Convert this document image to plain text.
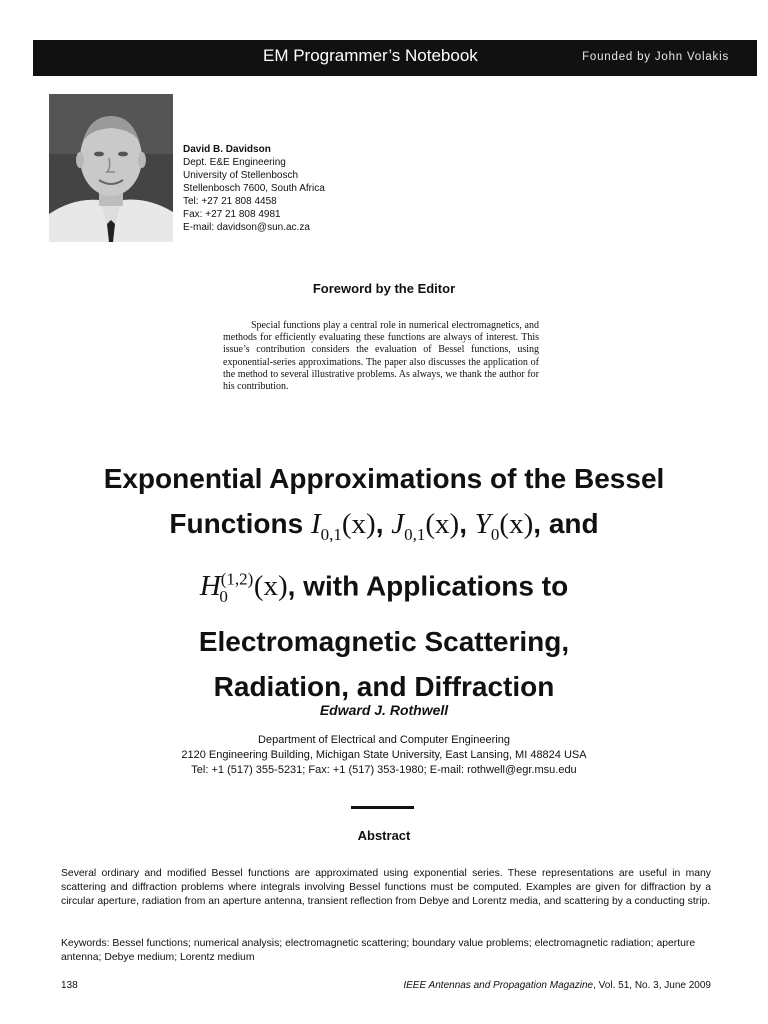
EM Programmer’s Notebook	Founded by John Volakis
David B. Davidson
Dept. E&E Engineering
University of Stellenbosch
Stellenbosch 7600, South Africa
Tel: +27 21 808 4458
Fax: +27 21 808 4981
E-mail: davidson@sun.ac.za
Foreword by the Editor
Special functions play a central role in numerical electromagnetics, and methods for efficiently evaluating these functions are always of interest. This issue’s contribution considers the evaluation of Bessel functions, using exponential-series approximations. The paper also discusses the application of the method to several illustrative problems. As always, we thank the author for his contribution.
Exponential Approximations of the Bessel
Functions $I_{0,1}(x)$, $J_{0,1}(x)$, $Y_0(x)$, and
H$^{(1,2)}_0$ (x), with Applications to
Electromagnetic Scattering,
Radiation, and Diffraction
Edward J. Rothwell
Department of Electrical and Computer Engineering
2120 Engineering Building, Michigan State University, East Lansing, MI 48824 USA
Tel: +1 (517) 355-5231; Fax: +1 (517) 353-1980; E-mail: rothwell@egr.msu.edu
Abstract
Several ordinary and modified Bessel functions are approximated using exponential series. These representations are useful in many scattering and diffraction problems where integrals involving Bessel functions must be computed. Examples are given for diffraction by a circular aperture, radiation from an aperture antenna, transient reflection from Debye and Lorentz media, and scattering by a conducting strip.
Keywords: Bessel functions; numerical analysis; electromagnetic scattering; boundary value problems; electromagnetic radiation; aperture antenna; Debye medium; Lorentz medium
138	IEEE Antennas and Propagation Magazine, Vol. 51, No. 3, June 2009
